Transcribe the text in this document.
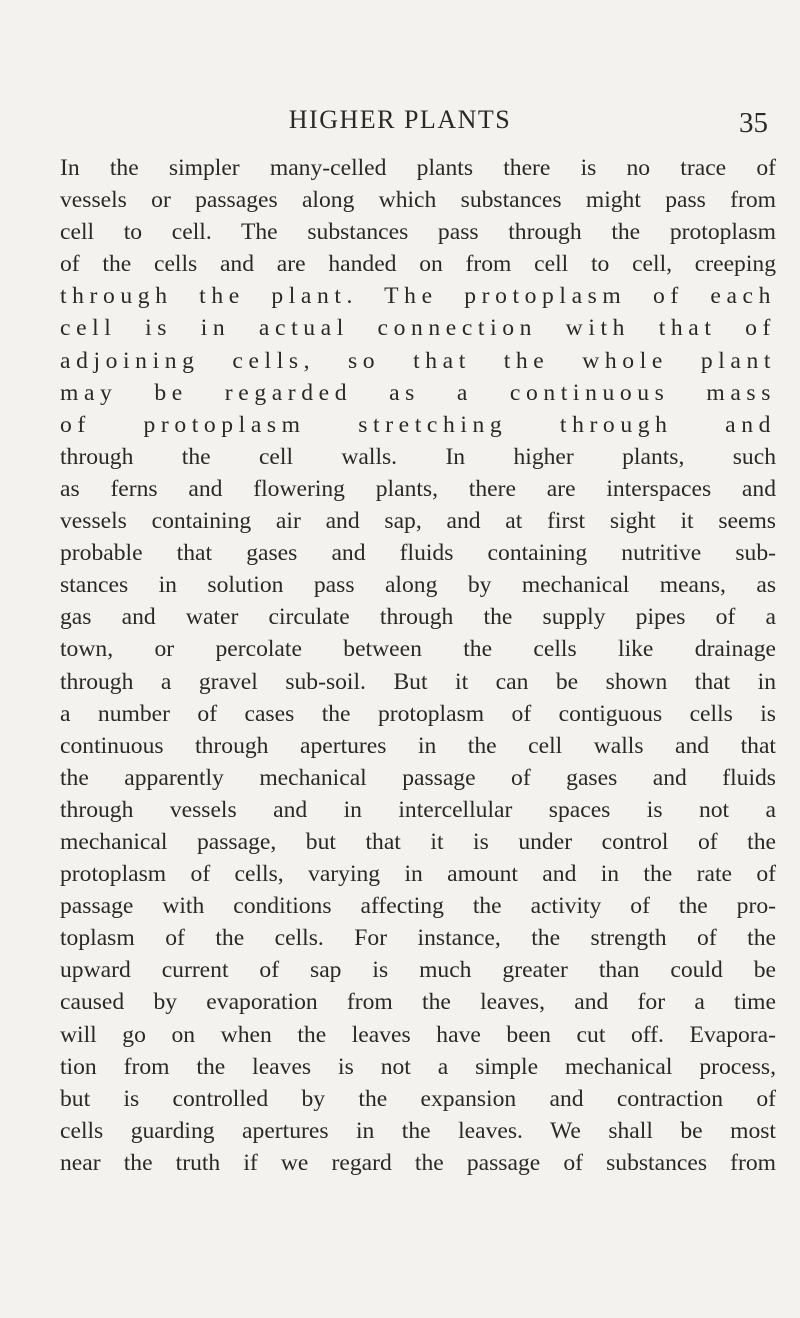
HIGHER PLANTS	35
In the simpler many-celled plants there is no trace of
vessels or passages along which substances might pass from
cell to cell. The substances pass through the protoplasm
of the cells and are handed on from cell to cell, creeping
through the plant. The protoplasm of each
cell is in actual connection with that of
adjoining cells, so that the whole plant
may be regarded as a continuous mass
of protoplasm stretching through and
through the cell walls. In higher plants, such
as ferns and flowering plants, there are interspaces and
vessels containing air and sap, and at first sight it seems
probable that gases and fluids containing nutritive sub-
stances in solution pass along by mechanical means, as
gas and water circulate through the supply pipes of a
town, or percolate between the cells like drainage
through a gravel sub-soil. But it can be shown that in
a number of cases the protoplasm of contiguous cells is
continuous through apertures in the cell walls and that
the apparently mechanical passage of gases and fluids
through vessels and in intercellular spaces is not a
mechanical passage, but that it is under control of the
protoplasm of cells, varying in amount and in the rate of
passage with conditions affecting the activity of the pro-
toplasm of the cells. For instance, the strength of the
upward current of sap is much greater than could be
caused by evaporation from the leaves, and for a time
will go on when the leaves have been cut off. Evapora-
tion from the leaves is not a simple mechanical process,
but is controlled by the expansion and contraction of
cells guarding apertures in the leaves. We shall be most
near the truth if we regard the passage of substances from
